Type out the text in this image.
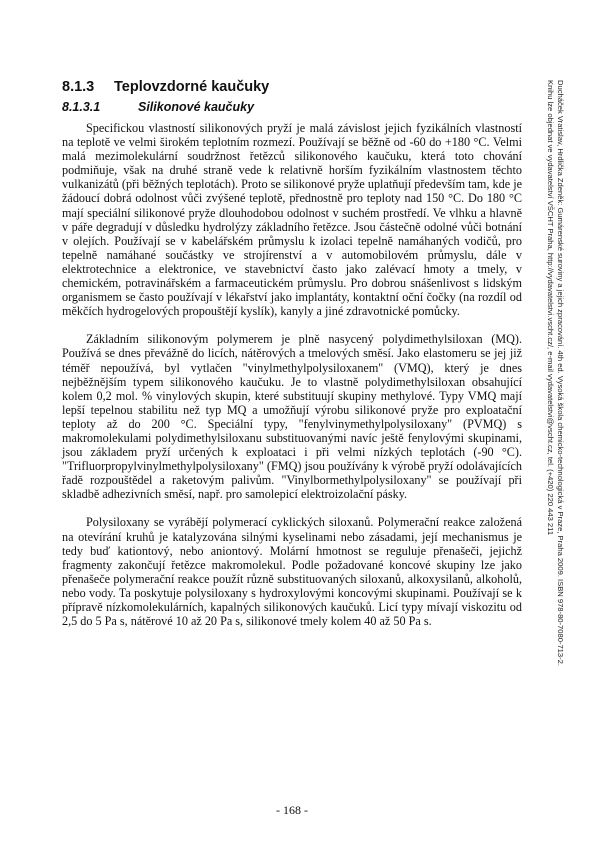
8.1.3 Teplovzdorné kaučuky
8.1.3.1	Silikonové kaučuky

Specifickou vlastností silikonových pryží je malá závislost jejich fyzikálních vlastností na teplotě ve velmi širokém teplotním rozmezí. Používají se běžně od -60 do +180 °C. Velmi malá mezimolekulární soudržnost řetězců silikonového kaučuku, která toto chování podmiňuje, však na druhé straně vede k relativně horším fyzikálním vlastnostem těchto vulkanizátů (při běžných teplotách). Proto se silikonové pryže uplatňují především tam, kde je žádoucí dobrá odolnost vůči zvýšené teplotě, přednostně pro teploty nad 150 °C. Do 180 °C mají speciální silikonové pryže dlouhodobou odolnost v suchém prostředí. Ve vlhku a hlavně v páře degradují v důsledku hydrolýzy základního řetězce. Jsou částečně odolné vůči botnání v olejích. Používají se v kabelářském průmyslu k izolaci tepelně namáhaných vodičů, pro tepelně namáhané součástky ve strojírenství a v automobilovém průmyslu, dále v elektrotechnice a elektronice, ve stavebnictví často jako zalévací hmoty a tmely, v chemickém, potravinářském a farmaceutickém průmyslu. Pro dobrou snášenlivost s lidským organismem se často používají v lékařství jako implantáty, kontaktní oční čočky (na rozdíl od měkčích hydrogelových propouštějí kyslík), kanyly a jiné zdravotnické pomůcky.

Základním silikonovým polymerem je plně nasycený polydimethylsiloxan (MQ). Používá se dnes převážně do licích, nátěrových a tmelových směsí. Jako elastomeru se jej již téměř nepoužívá, byl vytlačen "vinylmethylpolysiloxanem" (VMQ), který je dnes nejběžnějším typem silikonového kaučuku. Je to vlastně polydimethylsiloxan obsahující kolem 0,2 mol. % vinylových skupin, které substituují skupiny methylové. Typy VMQ mají lepší tepelnou stabilitu než typ MQ a umožňují výrobu silikonové pryže pro exploatační teploty až do 200 °C. Speciální typy, "fenylvinymethylpolysiloxany" (PVMQ) s makromolekulami polydimethylsiloxanu substituovanými navíc ještě fenylovými skupinami, jsou základem pryží určených k exploataci i při velmi nízkých teplotách (-90 °C). "Trifluorpropylvinylmethylpolysiloxany" (FMQ) jsou používány k výrobě pryží odolávajících řadě rozpouštědel a raketovým palivům. "Vinylbormethylpolysiloxany" se používají při skladbě adhezivních směsí, např. pro samolepicí elektroizolační pásky.

Polysiloxany se vyrábějí polymerací cyklických siloxanů. Polymerační reakce založená na otevírání kruhů je katalyzována silnými kyselinami nebo zásadami, její mechanismus je tedy buď kationtový, nebo aniontový. Molární hmotnost se reguluje přenašeči, jejichž fragmenty zakončují řetězce makromolekul. Podle požadované koncové skupiny lze jako přenašeče polymerační reakce použít různě substituovaných siloxanů, alkoxysilanů, alkoholů, nebo vody. Ta poskytuje polysiloxany s hydroxylovými koncovými skupinami. Používají se k přípravě nízkomolekulárních, kapalných silikonových kaučuků. Licí typy mívají viskozitu od 2,5 do 5 Pa s, nátěrové 10 až 20 Pa s, silikonové tmely kolem 40 až 50 Pa s.

- 168 -
Ducháček Vratislav, Hrdlička Zdeněk: Gumárenské suroviny a jejich zpracování. 4th ed. Vysoká škola chemicko-technologická v Praze, Praha 2009. ISBN 978-80-7080-713-2.
Knihu lze objednat ve vydavatelství VŠCHT Praha, http://vydavatelstvi.vscht.cz/, e-mail vydavatelstvi@vscht.cz, tel. (+420) 220 443 211
